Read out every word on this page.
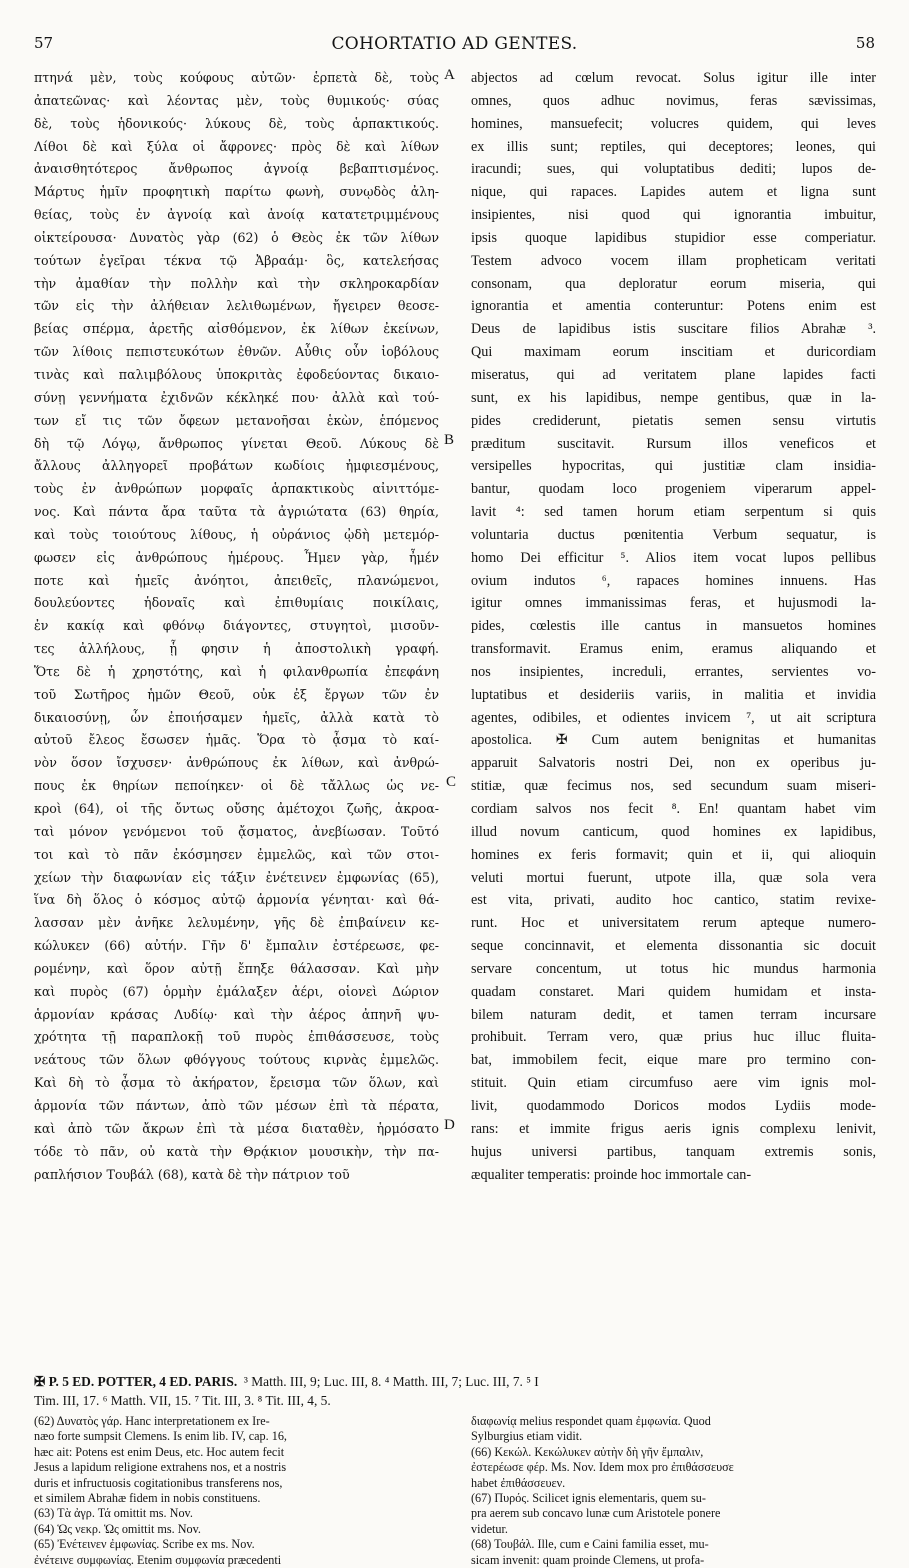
57	COHORTATIO AD GENTES.	58
πτηνά μὲν, τοὺς κούφους αὐτῶν· ἑρπετὰ δὲ, τοὺς
ἀπατεῶνας· καὶ λέοντας μὲν, τοὺς θυμικούς· σύας
δὲ, τοὺς ἡδονικούς· λύκους δὲ, τοὺς ἁρπακτικούς.
Λίθοι δὲ καὶ ξύλα οἱ ἄφρονες· πρὸς δὲ καὶ λίθων
ἀναισθητότερος ἄνθρωπος ἀγνοίᾳ βεβαπτισμένος.
Μάρτυς ἡμῖν προφητικὴ παρίτω φωνὴ, συνῳδὸς ἀλη-
θείας, τοὺς ἐν ἀγνοίᾳ καὶ ἀνοίᾳ κατατετριμμένους
οἰκτείρουσα· Δυνατὸς γὰρ (62) ὁ Θεὸς ἐκ τῶν λίθων
τούτων ἐγεῖραι τέκνα τῷ Ἀβραάμ· ὃς, κατελεήσας
τὴν ἀμαθίαν τὴν πολλὴν καὶ τὴν σκληροκαρδίαν
τῶν εἰς τὴν ἀλήθειαν λελιθωμένων, ἤγειρεν θεοσε-
βείας σπέρμα, ἀρετῆς αἰσθόμενον, ἐκ λίθων ἐκείνων,
τῶν λίθοις πεπιστευκότων ἐθνῶν. Αὖθις οὖν ἰοβόλους
τινὰς καὶ παλιμβόλους ὑποκριτὰς ἐφοδεύοντας δικαιο-
σύνῃ γεννήματα ἐχιδνῶν κέκληκέ που· ἀλλὰ καὶ τού-
των εἴ τις τῶν ὄφεων μετανοῆσαι ἑκὼν, ἑπόμενος
δὴ τῷ Λόγῳ, ἄνθρωπος γίνεται Θεοῦ. Λύκους δὲ
ἄλλους ἀλληγορεῖ προβάτων κωδίοις ἠμφιεσμένους,
τοὺς ἐν ἀνθρώπων μορφαῖς ἁρπακτικοὺς αἰνιττόμε-
νος. Καὶ πάντα ἄρα ταῦτα τὰ ἀγριώτατα (63) θηρία,
καὶ τοὺς τοιούτους λίθους, ἡ οὐράνιος ᾠδὴ μετεμόρ-
φωσεν εἰς ἀνθρώπους ἡμέρους. Ἦμεν γὰρ, ἦμέν
ποτε καὶ ἡμεῖς ἀνόητοι, ἀπειθεῖς, πλανώμενοι,
δουλεύοντες ἡδοναῖς καὶ ἐπιθυμίαις ποικίλαις,
ἐν κακίᾳ καὶ φθόνῳ διάγοντες, στυγητοὶ, μισοῦν-
τες ἀλλήλους, ᾗ φησιν ἡ ἀποστολικὴ γραφή.
Ὅτε δὲ ἡ χρηστότης, καὶ ἡ φιλανθρωπία ἐπεφάνη
τοῦ Σωτῆρος ἡμῶν Θεοῦ, οὐκ ἐξ ἔργων τῶν ἐν
δικαιοσύνῃ, ὧν ἐποιήσαμεν ἡμεῖς, ἀλλὰ κατὰ τὸ
αὐτοῦ ἔλεος ἔσωσεν ἡμᾶς. Ὅρα τὸ ᾆσμα τὸ καί-
νὸν ὅσον ἴσχυσεν· ἀνθρώπους ἐκ λίθων, καὶ ἀνθρώ-
πους ἐκ θηρίων πεποίηκεν· οἱ δὲ τἄλλως ὡς νε-
κροὶ (64), οἱ τῆς ὄντως οὔσης ἀμέτοχοι ζωῆς, ἀκροα-
ταὶ μόνον γενόμενοι τοῦ ᾄσματος, ἀνεβίωσαν. Τοῦτό
τοι καὶ τὸ πᾶν ἐκόσμησεν ἐμμελῶς, καὶ τῶν στοι-
χείων τὴν διαφωνίαν εἰς τάξιν ἐνέτεινεν ἐμφωνίας (65),
ἵνα δὴ ὅλος ὁ κόσμος αὐτῷ ἁρμονία γένηται· καὶ θά-
λασσαν μὲν ἀνῆκε λελυμένην, γῆς δὲ ἐπιβαίνειν κε-
κώλυκεν (66) αὐτήν. Γῆν δ' ἔμπαλιν ἐστέρεωσε, φε-
ρομένην, καὶ ὅρον αὐτῇ ἔπηξε θάλασσαν. Καὶ μὴν
καὶ πυρὸς (67) ὁρμὴν ἐμάλαξεν ἀέρι, οἱονεὶ Δώριον
ἁρμονίαν κράσας Λυδίῳ· καὶ τὴν ἀέρος ἀπηνῆ ψυ-
χρότητα τῇ παραπλοκῇ τοῦ πυρὸς ἐπιθάσσευσε, τοὺς
νεάτους τῶν ὅλων φθόγγους τούτους κιρνὰς ἐμμελῶς.
Καὶ δὴ τὸ ᾆσμα τὸ ἀκήρατον, ἔρεισμα τῶν ὅλων, καὶ
ἁρμονία τῶν πάντων, ἀπὸ τῶν μέσων ἐπὶ τὰ πέρατα,
καὶ ἀπὸ τῶν ἄκρων ἐπὶ τὰ μέσα διαταθὲν, ἡρμόσατο
τόδε τὸ πᾶν, οὐ κατὰ τὴν Θρᾴκιον μουσικὴν, τὴν πα-
ραπλήσιον Τουβάλ (68), κατὰ δὲ τὴν πάτριον τοῦ
abjectos ad cœlum revocat. Solus igitur ille inter
omnes, quos adhuc novimus, feras sævissimas,
homines, mansuefecit; volucres quidem, qui leves
ex illis sunt; reptiles, qui deceptores; leones, qui
iracundi; sues, qui voluptatibus dediti; lupos de-
nique, qui rapaces. Lapides autem et ligna sunt
insipientes, nisi quod qui ignorantia imbuitur,
ipsis quoque lapidibus stupidior esse comperiatur.
Testem advoco vocem illam propheticam veritati
consonam, qua deploratur eorum miseria, qui
ignorantia et amentia conteruntur: Potens enim est
Deus de lapidibus istis suscitare filios Abrahæ ³.
Qui maximam eorum inscitiam et duricordiam
miseratus, qui ad veritatem plane lapides facti
sunt, ex his lapidibus, nempe gentibus, quæ in la-
pides crediderunt, pietatis semen sensu virtutis
præditum suscitavit. Rursum illos veneficos et
versipelles hypocritas, qui justitiæ clam insidia-
bantur, quodam loco progeniem viperarum appel-
lavit ⁴: sed tamen horum etiam serpentum si quis
voluntaria ductus pœnitentia Verbum sequatur, is
homo Dei efficitur ⁵. Alios item vocat lupos pellibus
ovium indutos ⁶, rapaces homines innuens. Has
igitur omnes immanissimas feras, et hujusmodi la-
pides, cœlestis ille cantus in mansuetos homines
transformavit. Eramus enim, eramus aliquando et
nos insipientes, increduli, errantes, servientes vo-
luptatibus et desideriis variis, in malitia et invidia
agentes, odibiles, et odientes invicem ⁷, ut ait scriptura
apostolica. ✠ Cum autem benignitas et humanitas
apparuit Salvatoris nostri Dei, non ex operibus ju-
stitiæ, quæ fecimus nos, sed secundum suam miseri-
cordiam salvos nos fecit ⁸. En! quantam habet vim
illud novum canticum, quod homines ex lapidibus,
homines ex feris formavit; quin et ii, qui alioquin
veluti mortui fuerunt, utpote illa, quæ sola vera
est vita, privati, audito hoc cantico, statim revixe-
runt. Hoc et universitatem rerum apteque numero-
seque concinnavit, et elementa dissonantia sic docuit
servare concentum, ut totus hic mundus harmonia
quadam constaret. Mari quidem humidam et insta-
bilem naturam dedit, et tamen terram incursare
prohibuit. Terram vero, quæ prius huc illuc fluita-
bat, immobilem fecit, eique mare pro termino con-
stituit. Quin etiam circumfuso aere vim ignis mol-
livit, quodammodo Doricos modos Lydiis mode-
rans: et immite frigus aeris ignis complexu lenivit,
hujus universi partibus, tanquam extremis sonis,
æqualiter temperatis: proinde hoc immortale can-
A
B
C
D
✠ P. 5 ED. POTTER, 4 ED. PARIS. ³ Matth. III, 9; Luc. III, 8. ⁴ Matth. III, 7; Luc. III, 7. ⁵ I
Tim. III, 17. ⁶ Matth. VII, 15. ⁷ Tit. III, 3. ⁸ Tit. III, 4, 5.
(62) Δυνατὸς γάρ. Hanc interpretationem ex Ire-
næo forte sumpsit Clemens. Is enim lib. IV, cap. 16,
hæc ait: Potens est enim Deus, etc. Hoc autem fecit
Jesus a lapidum religione extrahens nos, et a nostris
duris et infructuosis cogitationibus transferens nos,
et similem Abrahæ fidem in nobis constituens.
(63) Τὰ ἀγρ. Τά omittit ms. Nov.
(64) Ὡς νεκρ. Ὡς omittit ms. Nov.
(65) Ἐνέτεινεν ἐμφωνίας. Scribe ex ms. Nov.
ἐνέτεινε συμφωνίας. Etenim συμφωνία præcedenti
διαφωνίᾳ melius respondet quam ἐμφωνία. Quod
Sylburgius etiam vidit.
(66) Κεκώλ. Κεκώλυκεν αὐτὴν δὴ γῆν ἔμπαλιν,
ἐστερέωσε φέρ. Ms. Nov. Idem mox pro ἐπιθάσσευσε
habet ἐπιθάσσευεν.
(67) Πυρός. Scilicet ignis elementaris, quem su-
pra aerem sub concavo lunæ cum Aristotele ponere
videtur.
(68) Τουβάλ. Ille, cum e Caini familia esset, mu-
sicam invenit: quam proinde Clemens, ut profa-
